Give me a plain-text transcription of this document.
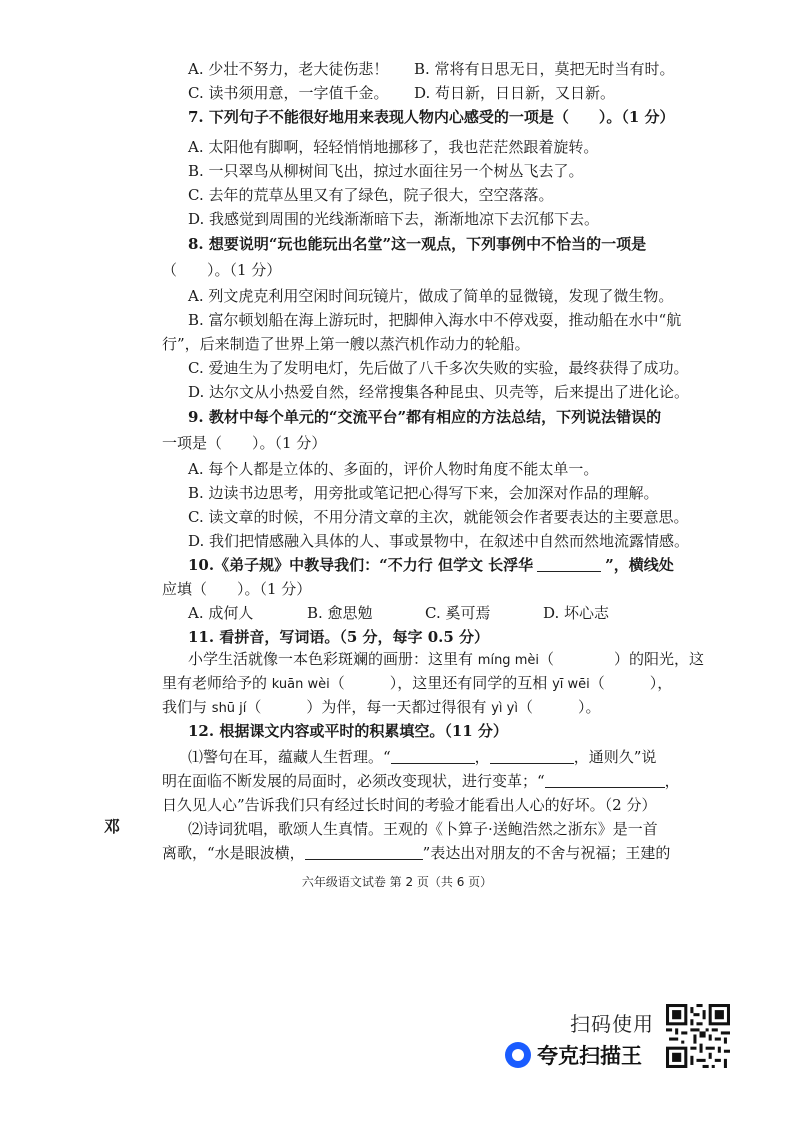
A. 少壮不努力，老大徒伤悲！ B. 常将有日思无日，莫把无时当有时。
C. 读书须用意，一字值千金。 D. 苟日新，日日新，又日新。
7. 下列句子不能很好地用来表现人物内心感受的一项是（　　）。（1 分）
A. 太阳他有脚啊，轻轻悄悄地挪移了，我也茫茫然跟着旋转。
B. 一只翠鸟从柳树间飞出，掠过水面往另一个树丛飞去了。
C. 去年的荒草丛里又有了绿色，院子很大，空空落落。
D. 我感觉到周围的光线渐渐暗下去，渐渐地凉下去沉郁下去。
8. 想要说明“玩也能玩出名堂”这一观点，下列事例中不恰当的一项是
（　　）。（1 分）
A. 列文虎克利用空闲时间玩镜片，做成了简单的显微镜，发现了微生物。
B. 富尔顿划船在海上游玩时，把脚伸入海水中不停戏耍，推动船在水中“航
行”，后来制造了世界上第一艘以蒸汽机作动力的轮船。
C. 爱迪生为了发明电灯，先后做了八千多次失败的实验，最终获得了成功。
D. 达尔文从小热爱自然，经常搜集各种昆虫、贝壳等，后来提出了进化论。
9. 教材中每个单元的“交流平台”都有相应的方法总结，下列说法错误的
一项是（　　）。（1 分）
A. 每个人都是立体的、多面的，评价人物时角度不能太单一。
B. 边读书边思考，用旁批或笔记把心得写下来，会加深对作品的理解。
C. 读文章的时候，不用分清文章的主次，就能领会作者要表达的主要意思。
D. 我们把情感融入具体的人、事或景物中，在叙述中自然而然地流露情感。
10.《弟子规》中教导我们：“不力行 但学文 长浮华	”，横线处
应填（　　）。（1 分）
A. 成何人	B. 愈思勉	C. 奚可焉	D. 坏心志
11. 看拼音，写词语。（5 分，每字 0.5 分）
小学生活就像一本色彩斑斓的画册：这里有 míng mèi（　　　　）的阳光，这
里有老师给予的 kuān wèi（　　　），这里还有同学的互相 yī wēi（　　　），
我们与 shū jí（　　　）为伴，每一天都过得很有 yì yì（　　　）。
12. 根据课文内容或平时的积累填空。（11 分）
⑴警句在耳，蕴藏人生哲理。“	，	，通则久”说
明在面临不断发展的局面时，必须改变现状，进行变革；“	，
日久见人心”告诉我们只有经过长时间的考验才能看出人心的好坏。（2 分）
⑵诗词犹唱，歌颂人生真情。王观的《卜算子·送鲍浩然之浙东》是一首
离歌，“水是眼波横，	”表达出对朋友的不舍与祝福；王建的
邓
六年级语文试卷 第 2 页（共 6 页）
扫码使用
夸克扫描王
